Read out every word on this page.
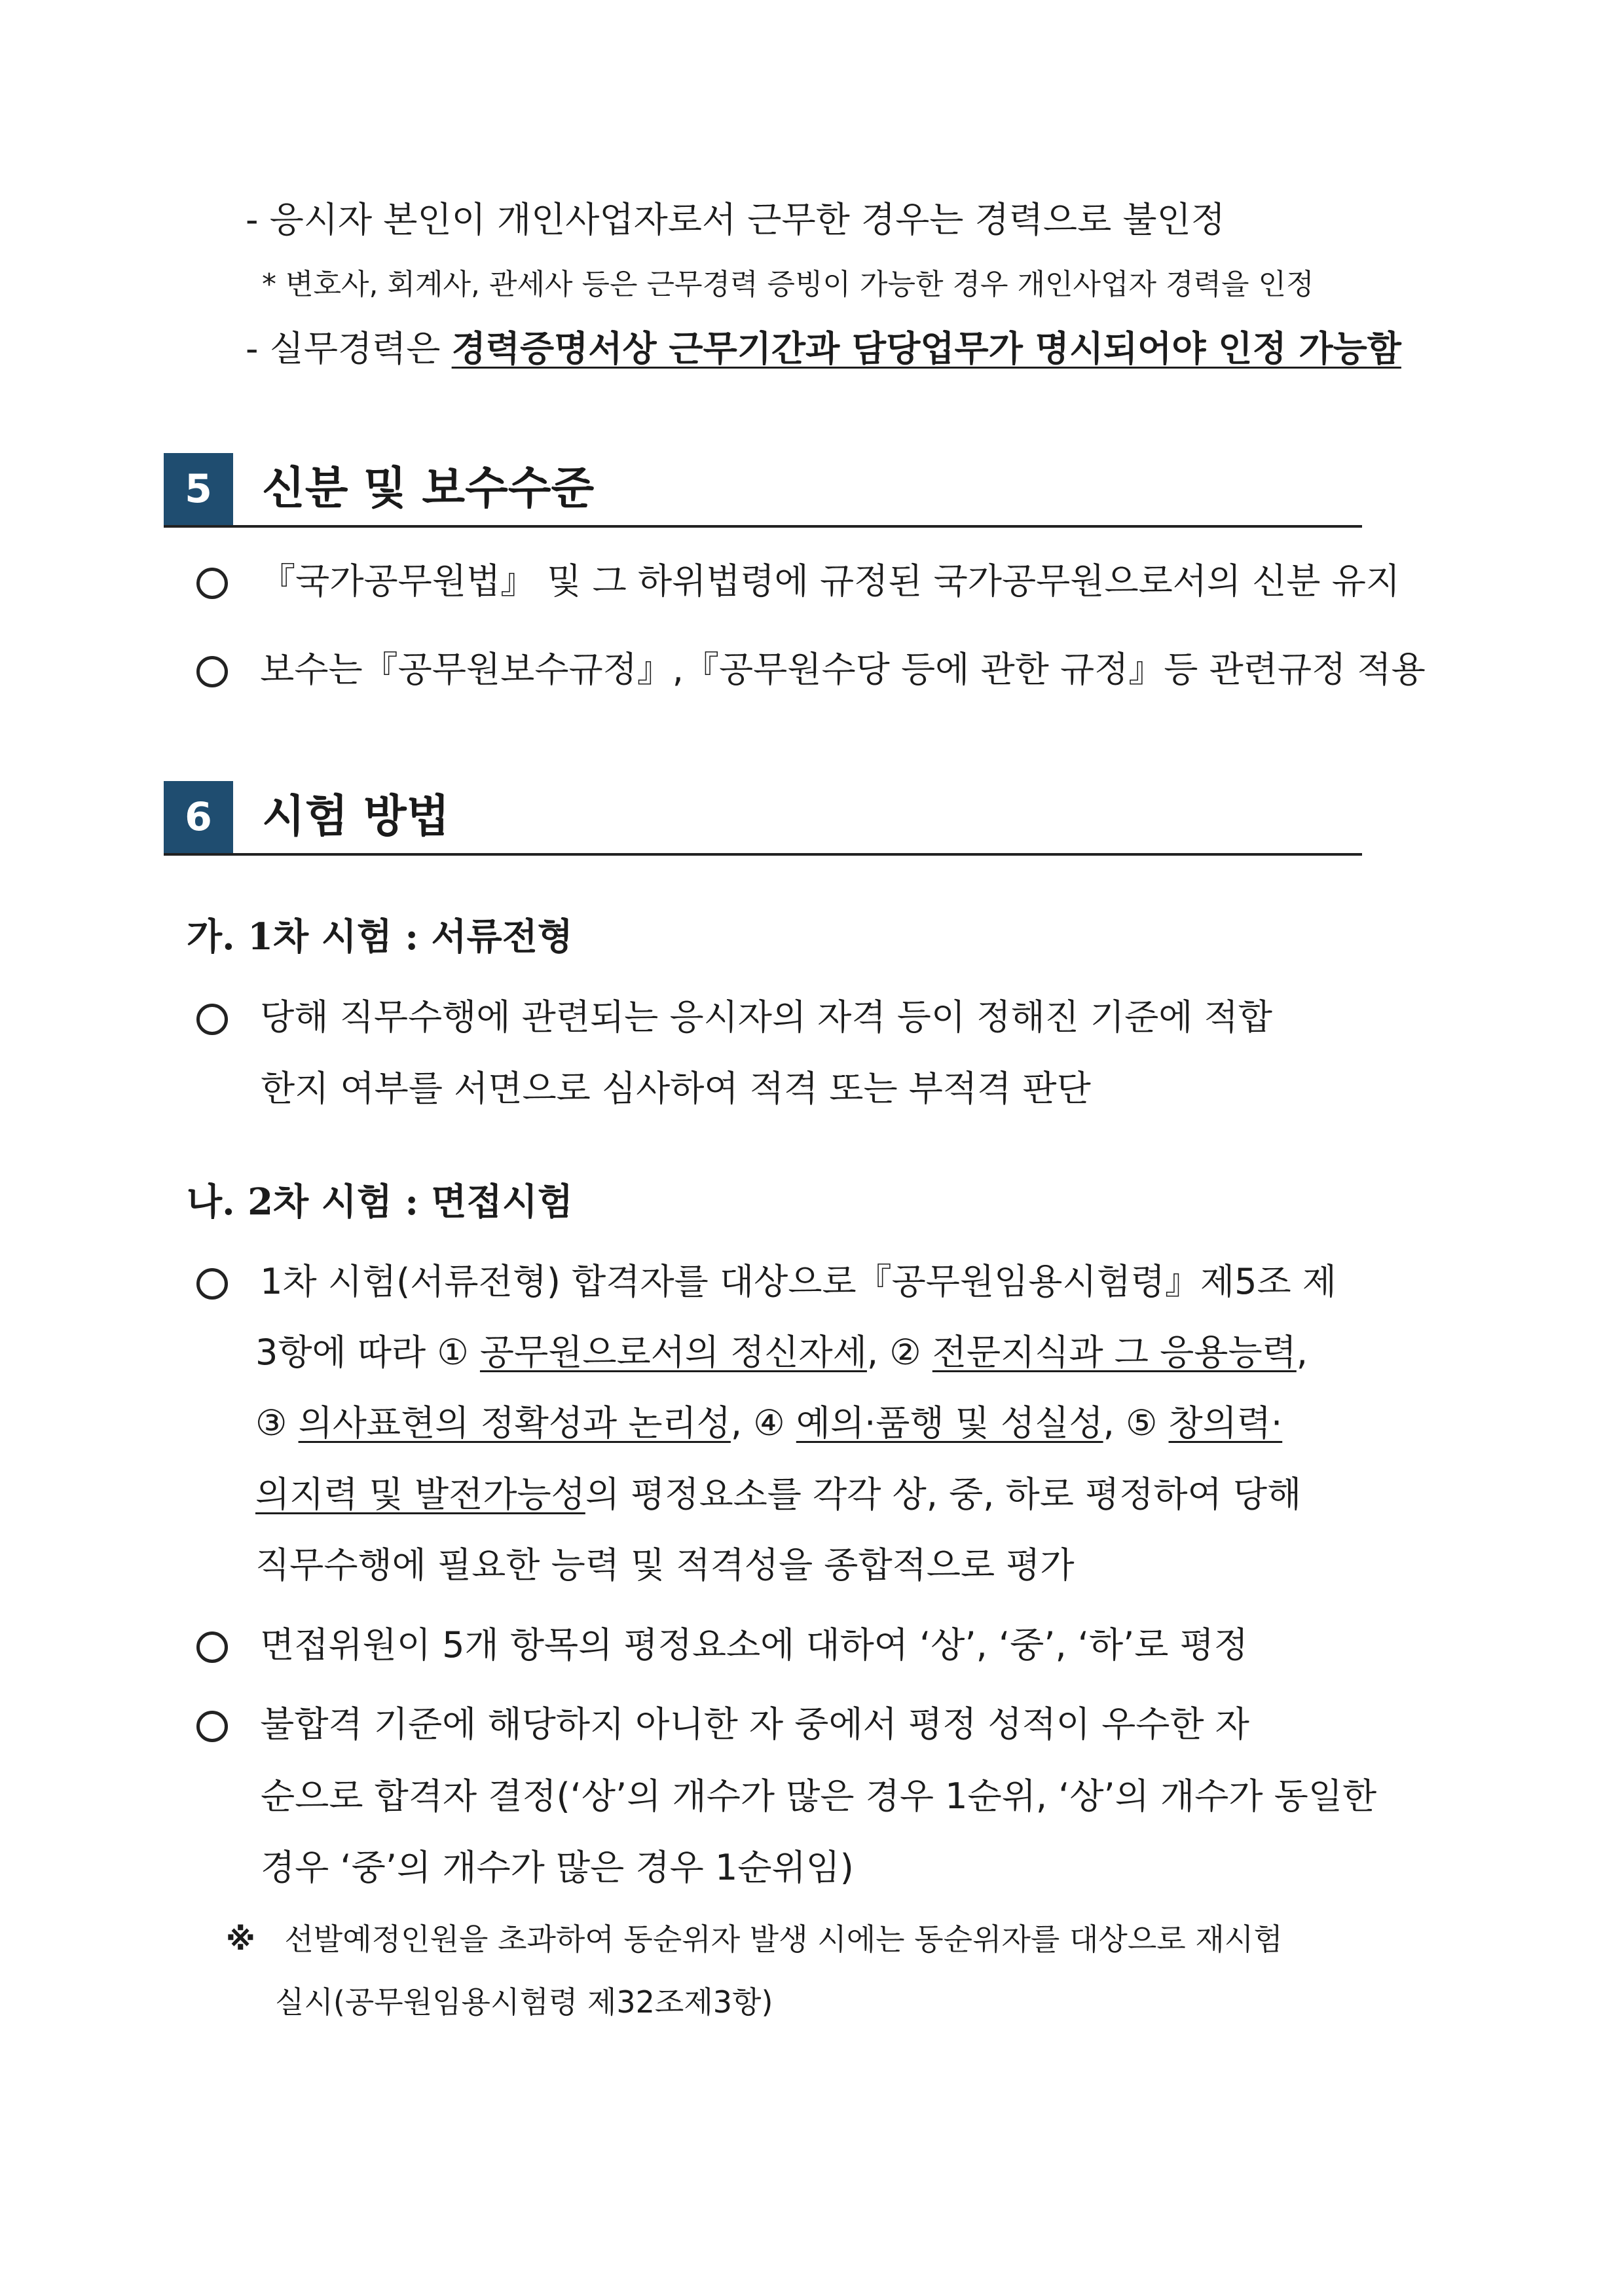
- 응시자 본인이 개인사업자로서 근무한 경우는 경력으로 불인정
* 변호사, 회계사, 관세사 등은 근무경력 증빙이 가능한 경우 개인사업자 경력을 인정
- 실무경력은 경력증명서상 근무기간과 담당업무가 명시되어야 인정 가능함
5	신분 및 보수수준
『국가공무원법』 및 그 하위법령에 규정된 국가공무원으로서의 신분 유지
보수는『공무원보수규정』,『공무원수당 등에 관한 규정』등 관련규정 적용
6	시험 방법
가. 1차 시험 : 서류전형
당해 직무수행에 관련되는 응시자의 자격 등이 정해진 기준에 적합
한지 여부를 서면으로 심사하여 적격 또는 부적격 판단
나. 2차 시험 : 면접시험
1차 시험(서류전형) 합격자를 대상으로『공무원임용시험령』제5조 제
3항에 따라 ① 공무원으로서의 정신자세, ② 전문지식과 그 응용능력,
③ 의사표현의 정확성과 논리성, ④ 예의·품행 및 성실성, ⑤ 창의력·
의지력 및 발전가능성의 평정요소를 각각 상, 중, 하로 평정하여 당해
직무수행에 필요한 능력 및 적격성을 종합적으로 평가
면접위원이 5개 항목의 평정요소에 대하여 ‘상’, ‘중’, ‘하’로 평정
불합격 기준에 해당하지 아니한 자 중에서 평정 성적이 우수한 자
순으로 합격자 결정(‘상’의 개수가 많은 경우 1순위, ‘상’의 개수가 동일한
경우 ‘중’의 개수가 많은 경우 1순위임)
※ 선발예정인원을 초과하여 동순위자 발생 시에는 동순위자를 대상으로 재시험
실시(공무원임용시험령 제32조제3항)
